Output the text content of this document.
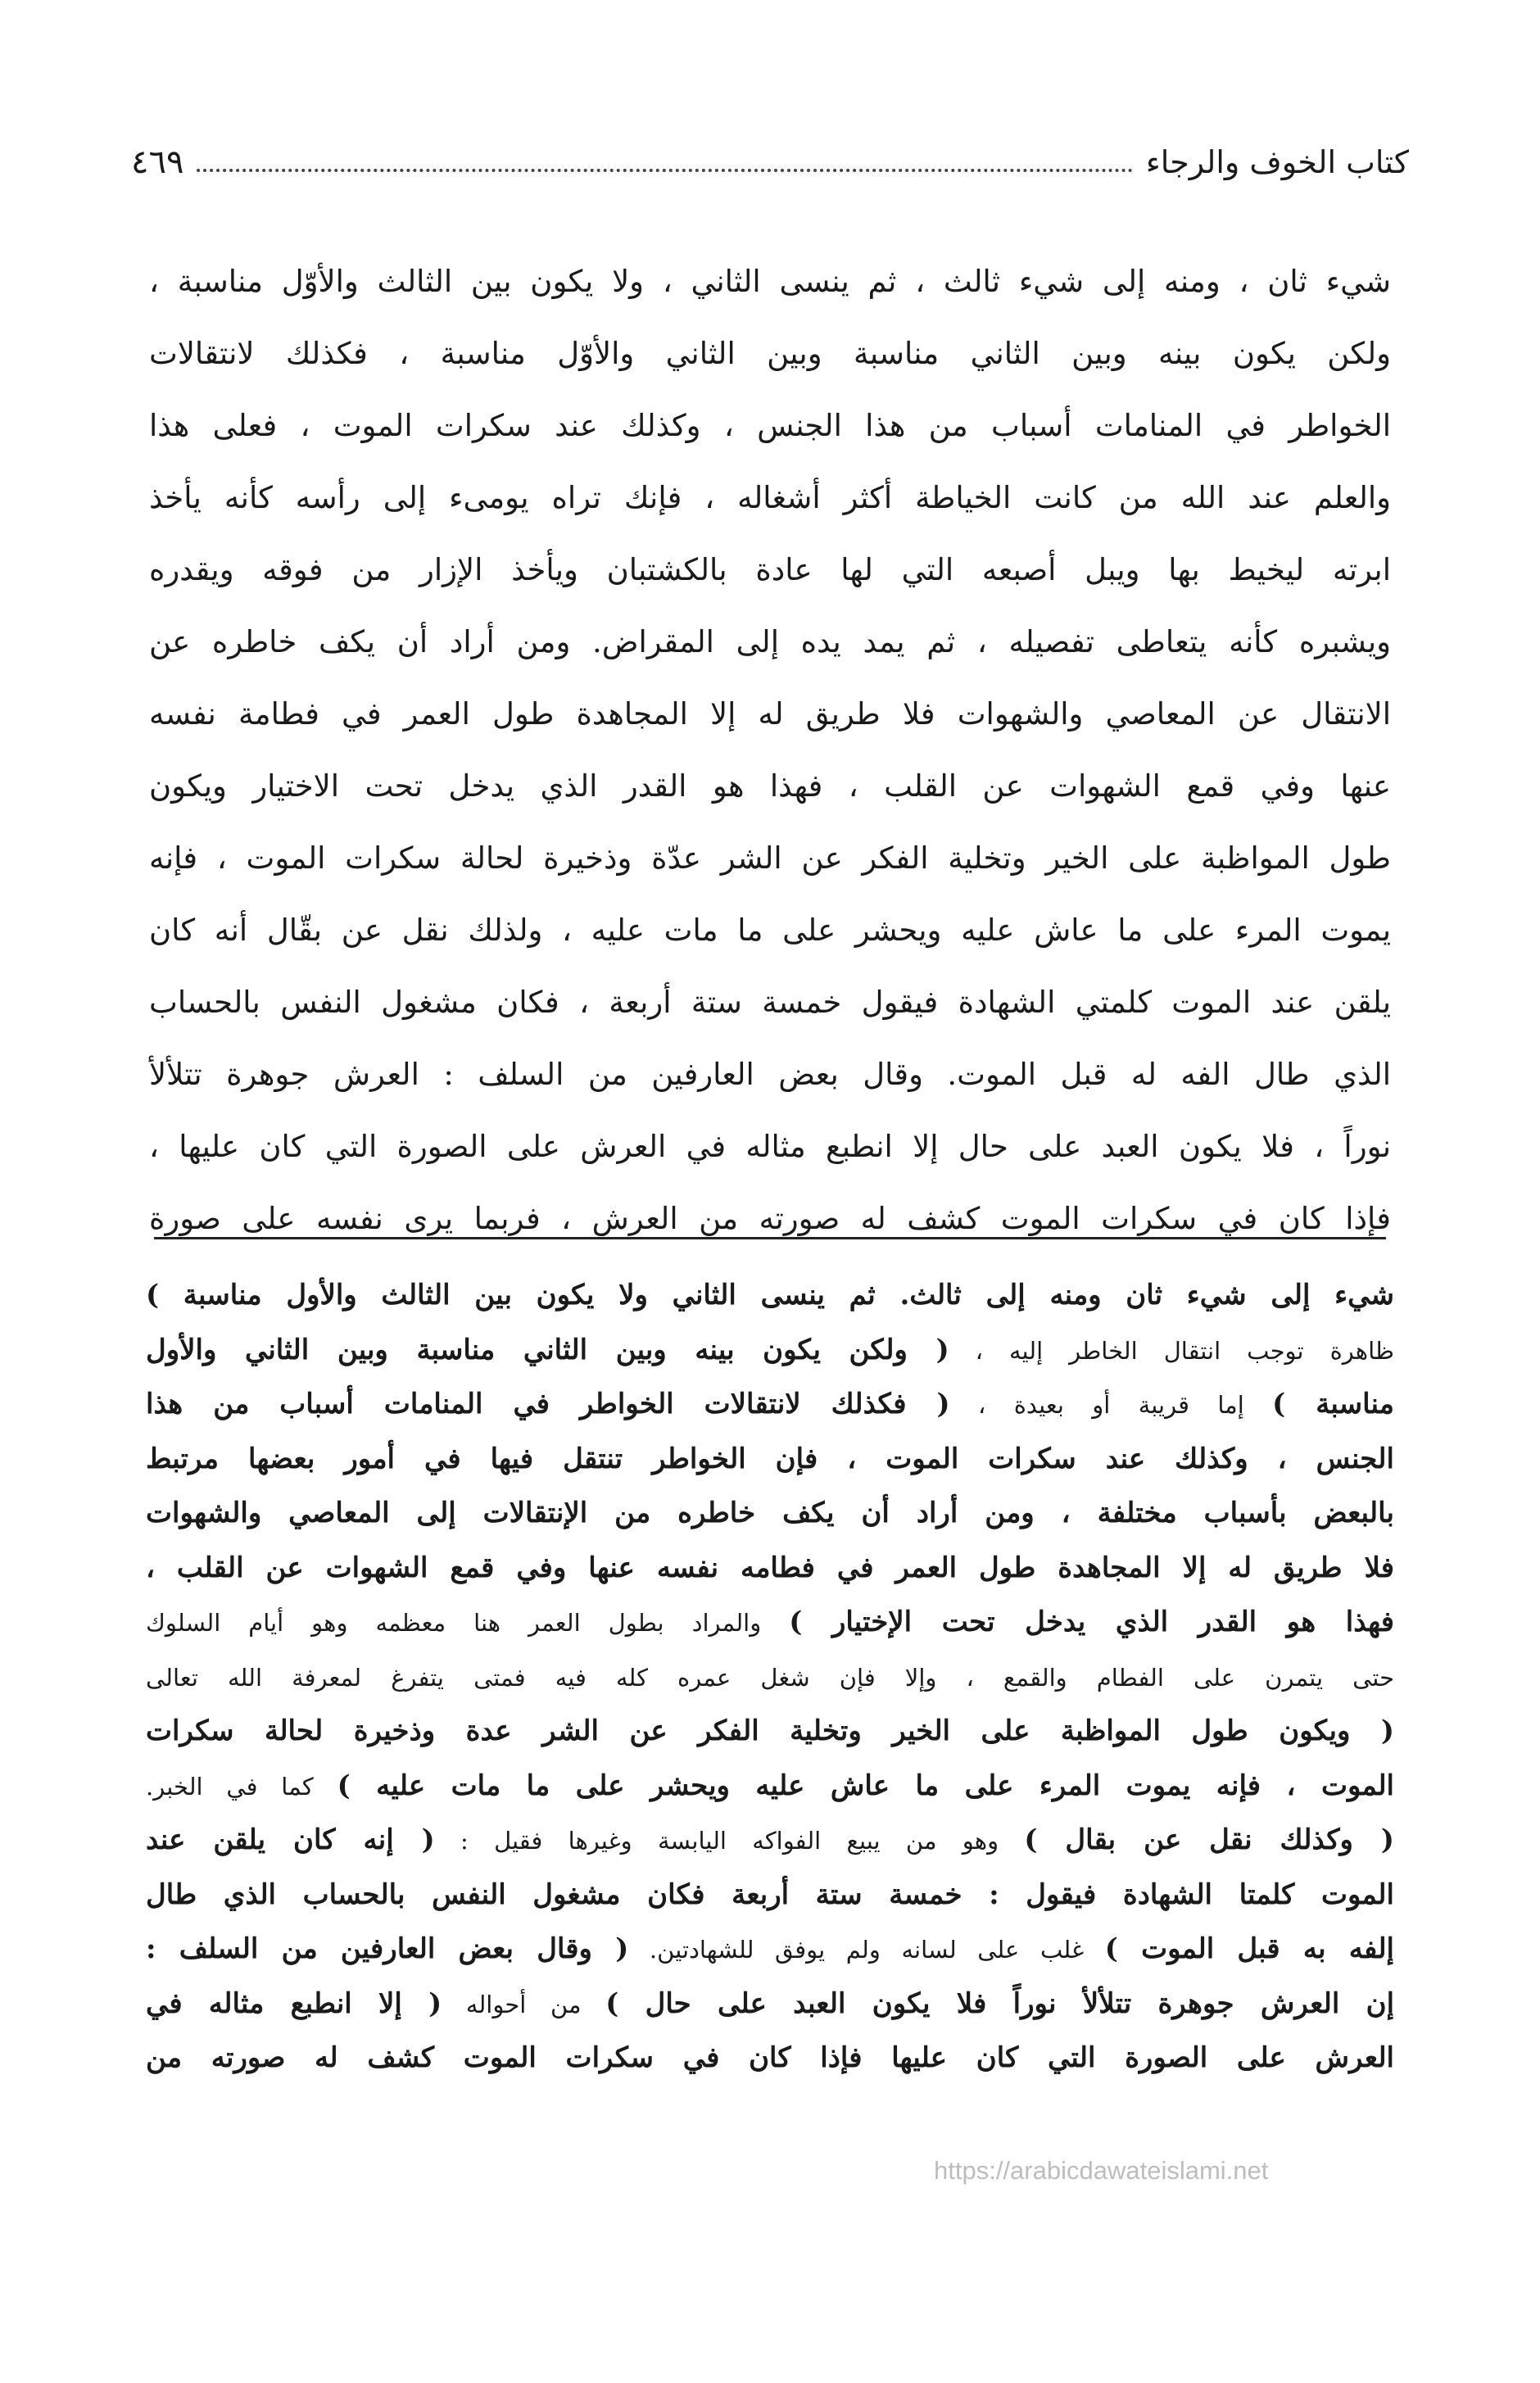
كتاب الخوف والرجاء
٤٦٩
شيء ثان ، ومنه إلى شيء ثالث ، ثم ينسى الثاني ، ولا يكون بين الثالث والأوّل مناسبة ،
ولكن يكون بينه وبين الثاني مناسبة وبين الثاني والأوّل مناسبة ، فكذلك لانتقالات
الخواطر في المنامات أسباب من هذا الجنس ، وكذلك عند سكرات الموت ، فعلى هذا
والعلم عند الله من كانت الخياطة أكثر أشغاله ، فإنك تراه يومىء إلى رأسه كأنه يأخذ
ابرته ليخيط بها ويبل أصبعه التي لها عادة بالكشتبان ويأخذ الإزار من فوقه ويقدره
ويشبره كأنه يتعاطى تفصيله ، ثم يمد يده إلى المقراض. ومن أراد أن يكف خاطره عن
الانتقال عن المعاصي والشهوات فلا طريق له إلا المجاهدة طول العمر في فطامة نفسه
عنها وفي قمع الشهوات عن القلب ، فهذا هو القدر الذي يدخل تحت الاختيار ويكون
طول المواظبة على الخير وتخلية الفكر عن الشر عدّة وذخيرة لحالة سكرات الموت ، فإنه
يموت المرء على ما عاش عليه ويحشر على ما مات عليه ، ولذلك نقل عن بقّال أنه كان
يلقن عند الموت كلمتي الشهادة فيقول خمسة ستة أربعة ، فكان مشغول النفس بالحساب
الذي طال الفه له قبل الموت. وقال بعض العارفين من السلف : العرش جوهرة تتلألأ
نوراً ، فلا يكون العبد على حال إلا انطبع مثاله في العرش على الصورة التي كان عليها ،
فإذا كان في سكرات الموت كشف له صورته من العرش ، فربما يرى نفسه على صورة
شيء إلى شيء ثان ومنه إلى ثالث. ثم ينسى الثاني ولا يكون بين الثالث والأول مناسبة )
ظاهرة توجب انتقال الخاطر إليه ، ( ولكن يكون بينه وبين الثاني مناسبة وبين الثاني والأول
مناسبة ) إما قريبة أو بعيدة ، ( فكذلك لانتقالات الخواطر في المنامات أسباب من هذا
الجنس ، وكذلك عند سكرات الموت ، فإن الخواطر تنتقل فيها في أمور بعضها مرتبط
بالبعض بأسباب مختلفة ، ومن أراد أن يكف خاطره من الإنتقالات إلى المعاصي والشهوات
فلا طريق له إلا المجاهدة طول العمر في فطامه نفسه عنها وفي قمع الشهوات عن القلب ،
فهذا هو القدر الذي يدخل تحت الإختيار ) والمراد بطول العمر هنا معظمه وهو أيام السلوك
حتى يتمرن على الفطام والقمع ، وإلا فإن شغل عمره كله فيه فمتى يتفرغ لمعرفة الله تعالى
( ويكون طول المواظبة على الخير وتخلية الفكر عن الشر عدة وذخيرة لحالة سكرات
الموت ، فإنه يموت المرء على ما عاش عليه ويحشر على ما مات عليه ) كما في الخبر.
( وكذلك نقل عن بقال ) وهو من يبيع الفواكه اليابسة وغيرها فقيل : ( إنه كان يلقن عند
الموت كلمتا الشهادة فيقول : خمسة ستة أربعة فكان مشغول النفس بالحساب الذي طال
إلفه به قبل الموت ) غلب على لسانه ولم يوفق للشهادتين. ( وقال بعض العارفين من السلف :
إن العرش جوهرة تتلألأ نوراً فلا يكون العبد على حال ) من أحواله ( إلا انطبع مثاله في
العرش على الصورة التي كان عليها فإذا كان في سكرات الموت كشف له صورته من
https://arabicdawateislami.net
